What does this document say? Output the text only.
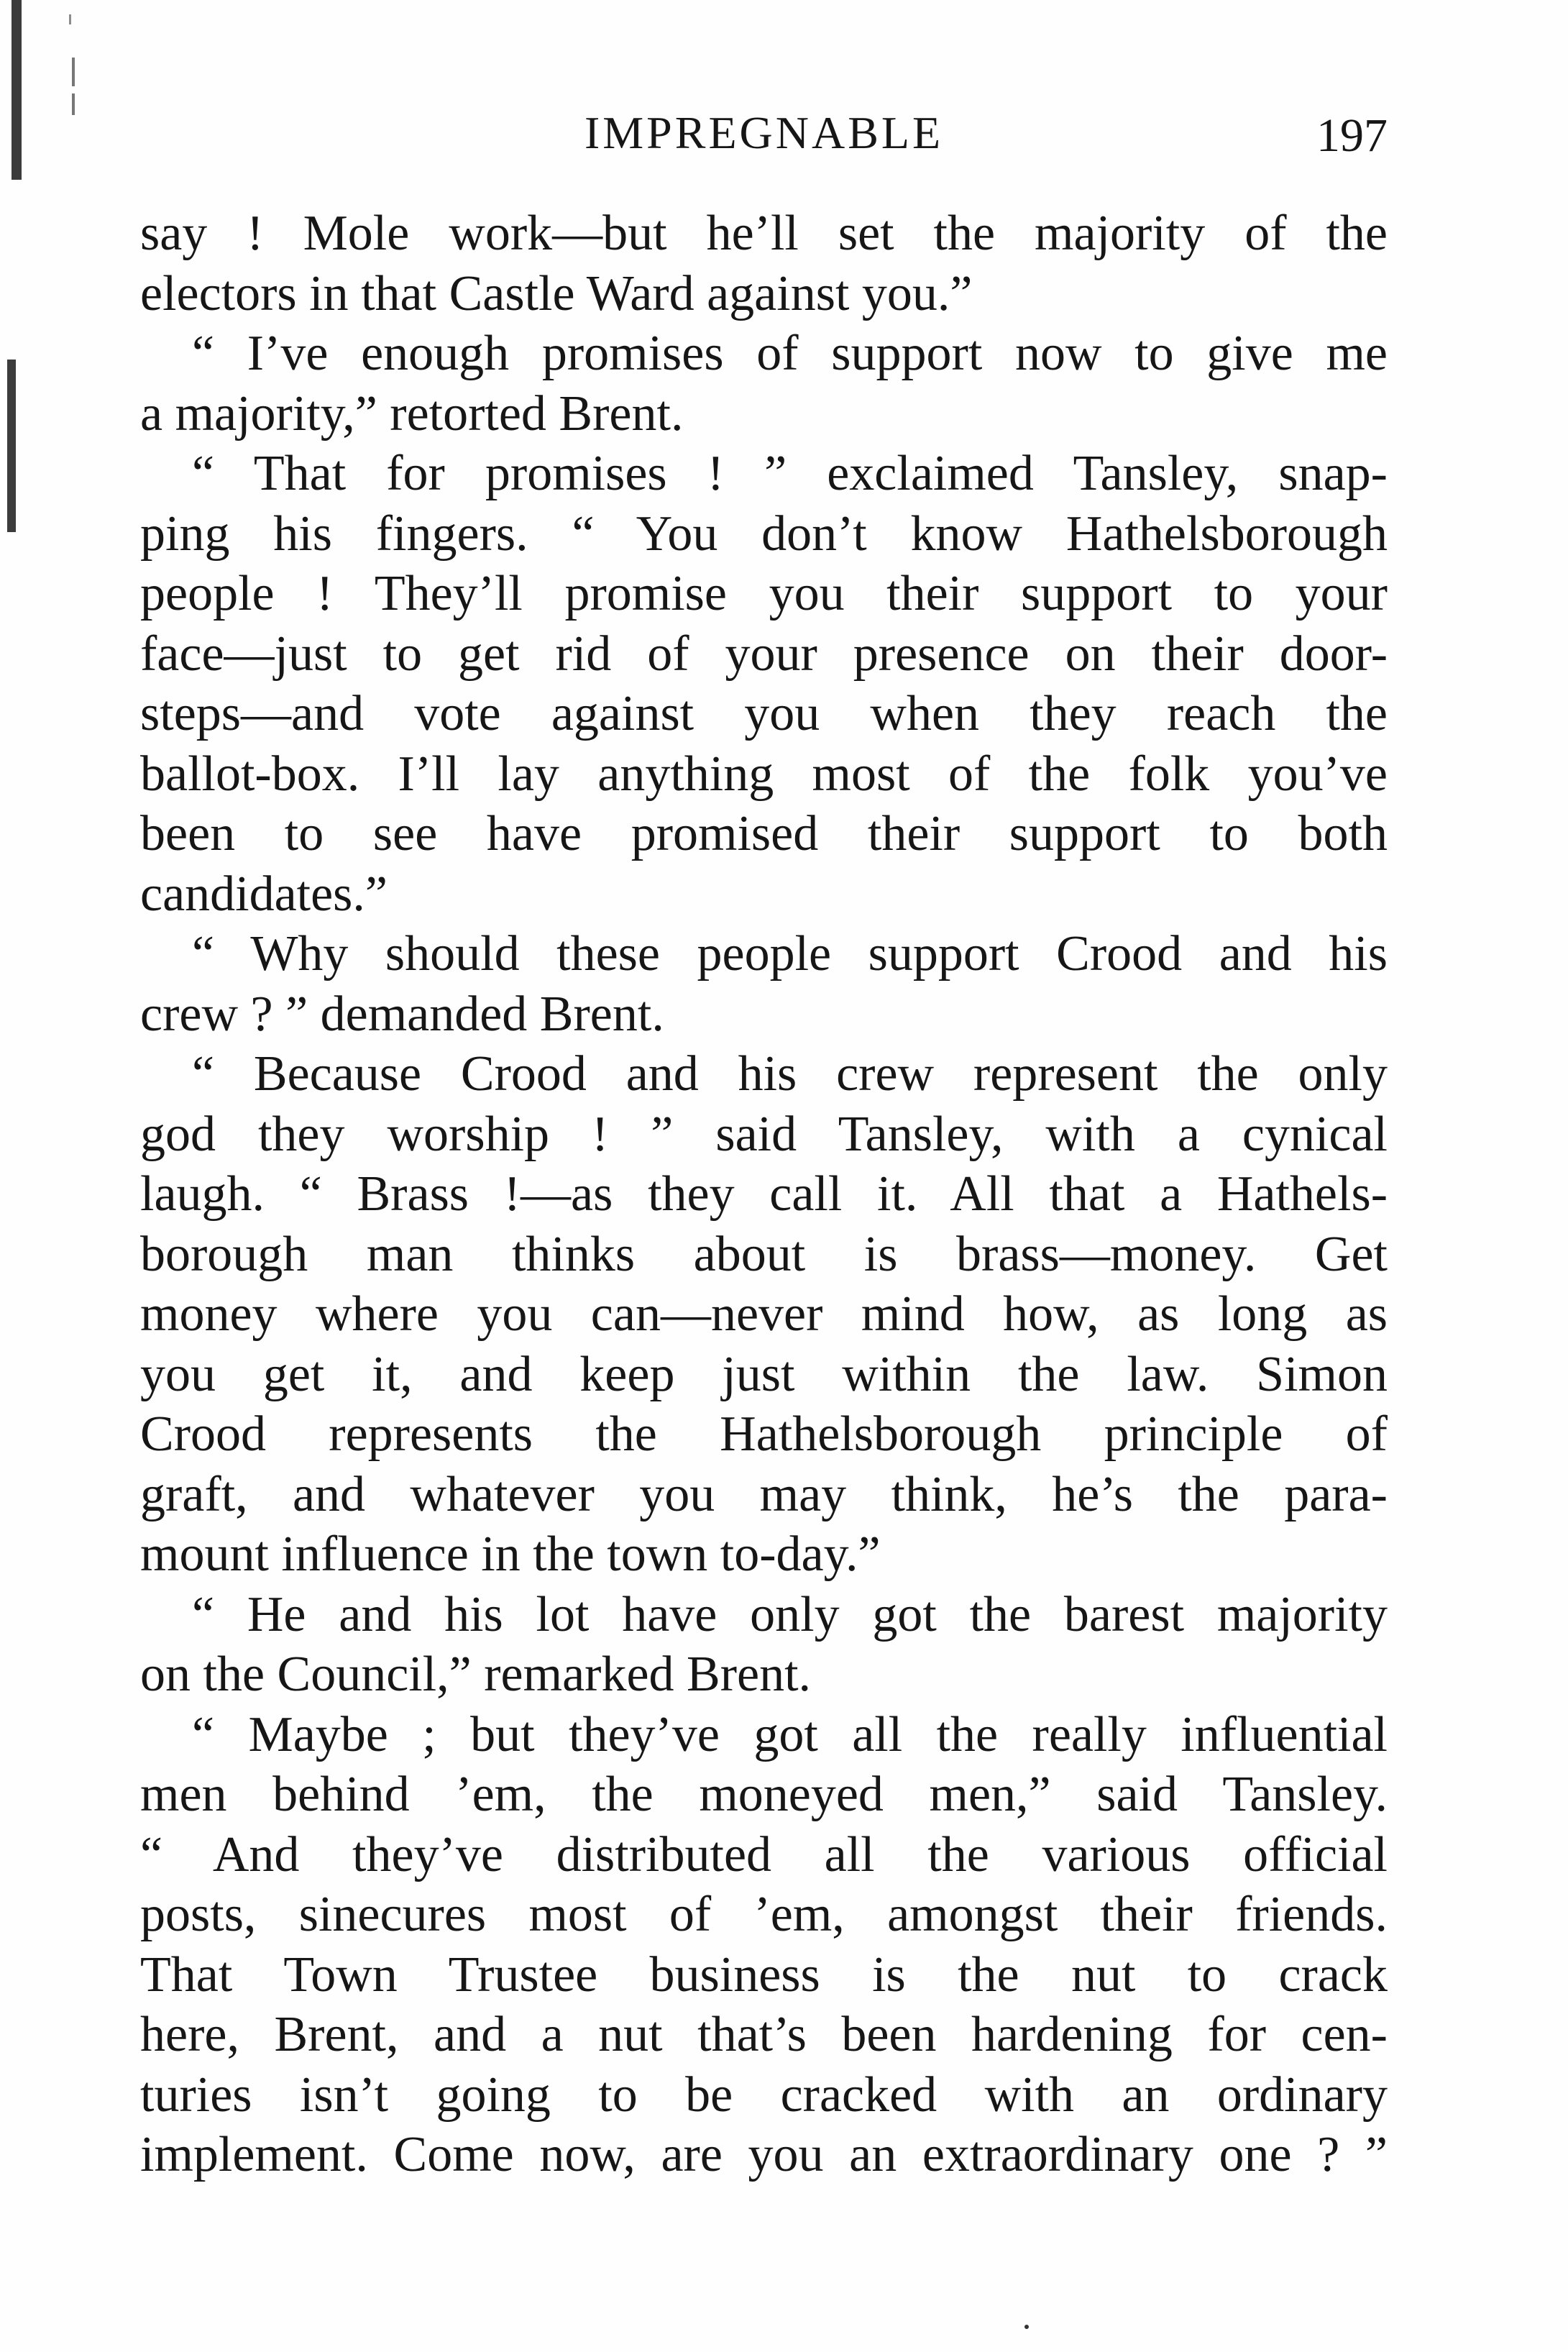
IMPREGNABLE	197
say ! Mole work—but he’ll set the majority of the
electors in that Castle Ward against you.”
“ I’ve enough promises of support now to give me
a majority,” retorted Brent.
“ That for promises ! ” exclaimed Tansley, snap-
ping his fingers. “ You don’t know Hathelsborough
people ! They’ll promise you their support to your
face—just to get rid of your presence on their door-
steps—and vote against you when they reach the
ballot-box. I’ll lay anything most of the folk you’ve
been to see have promised their support to both
candidates.”
“ Why should these people support Crood and his
crew ? ” demanded Brent.
“ Because Crood and his crew represent the only
god they worship ! ” said Tansley, with a cynical
laugh. “ Brass !—as they call it. All that a Hathels-
borough man thinks about is brass—money. Get
money where you can—never mind how, as long as
you get it, and keep just within the law. Simon
Crood represents the Hathelsborough principle of
graft, and whatever you may think, he’s the para-
mount influence in the town to-day.”
“ He and his lot have only got the barest majority
on the Council,” remarked Brent.
“ Maybe ; but they’ve got all the really influential
men behind ’em, the moneyed men,” said Tansley.
“ And they’ve distributed all the various official
posts, sinecures most of ’em, amongst their friends.
That Town Trustee business is the nut to crack
here, Brent, and a nut that’s been hardening for cen-
turies isn’t going to be cracked with an ordinary
implement. Come now, are you an extraordinary one ? ”
